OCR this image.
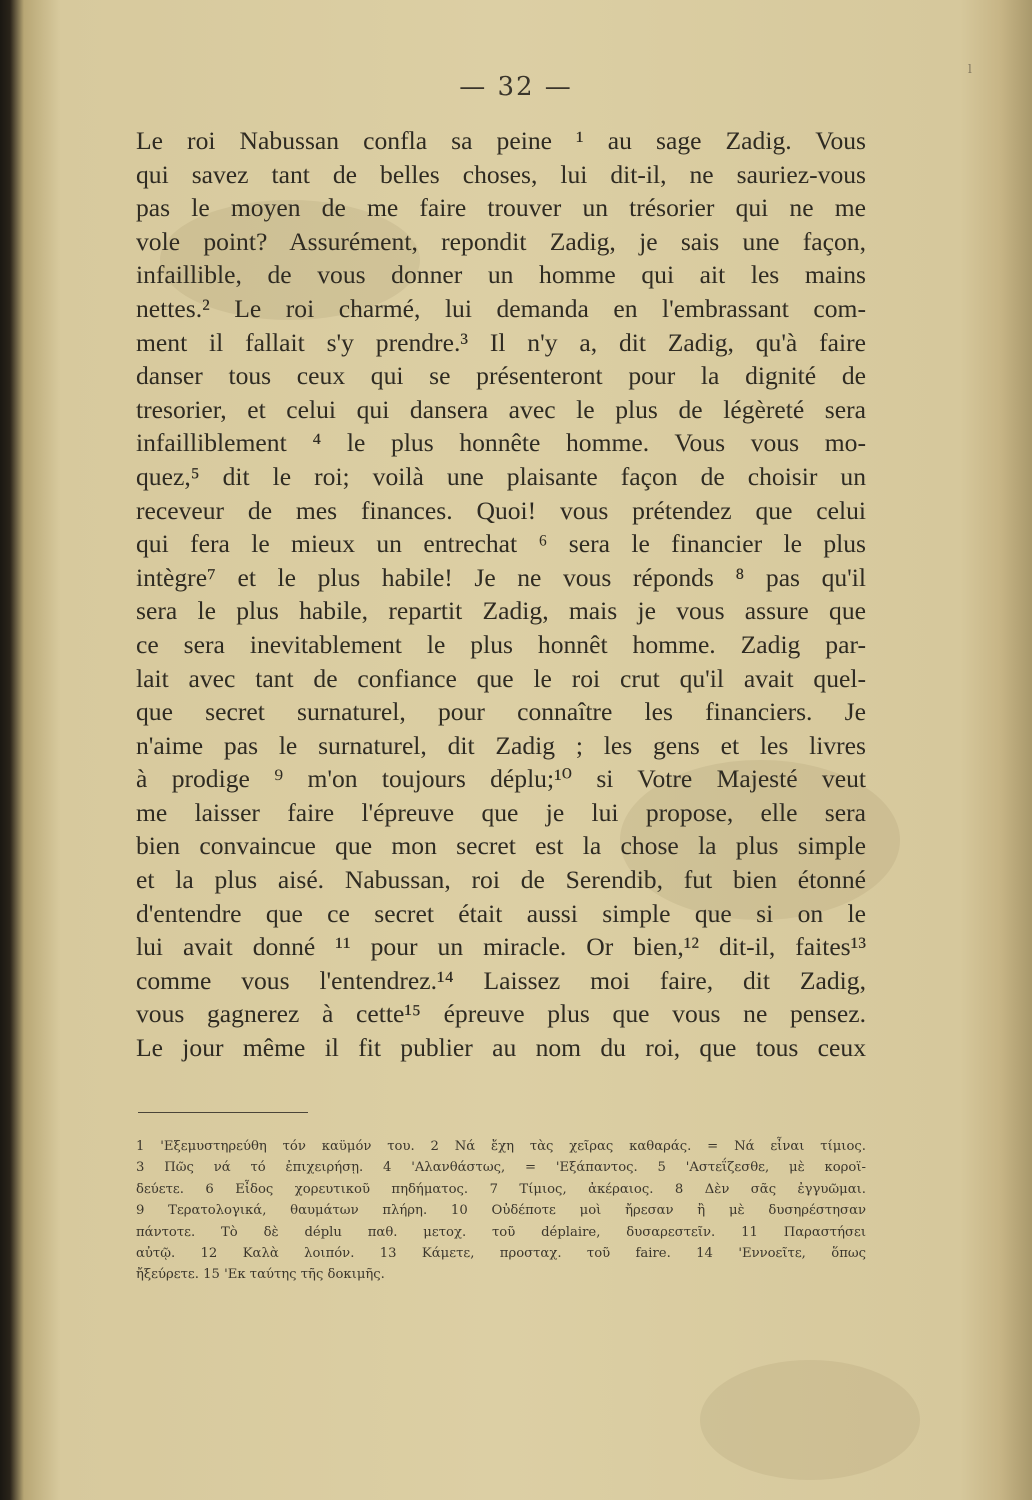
ⅼ
— 32 —
Le roi Nabussan confla sa peine ¹ au sage Zadig. Vous
qui savez tant de belles choses, lui dit-il, ne sauriez-vous
pas le moyen de me faire trouver un trésorier qui ne me
vole point? Assurément, repondit Zadig, je sais une façon,
infaillible, de vous donner un homme qui ait les mains
nettes.² Le roi charmé, lui demanda en l'embrassant com-
ment il fallait s'y prendre.³ Il n'y a, dit Zadig, qu'à faire
danser tous ceux qui se présenteront pour la dignité de
tresorier, et celui qui dansera avec le plus de légèreté sera
infailliblement ⁴ le plus honnête homme. Vous vous mo-
quez,⁵ dit le roi; voilà une plaisante façon de choisir un
receveur de mes finances. Quoi! vous prétendez que celui
qui fera le mieux un entrechat ⁶ sera le financier le plus
intègre⁷ et le plus habile! Je ne vous réponds ⁸ pas qu'il
sera le plus habile, repartit Zadig, mais je vous assure que
ce sera inevitablement le plus honnêt homme. Zadig par-
lait avec tant de confiance que le roi crut qu'il avait quel-
que secret surnaturel, pour connaître les financiers. Je
n'aime pas le surnaturel, dit Zadig ; les gens et les livres
à prodige ⁹ m'on toujours déplu;¹⁰ si Votre Majesté veut
me laisser faire l'épreuve que je lui propose, elle sera
bien convaincue que mon secret est la chose la plus simple
et la plus aisé. Nabussan, roi de Serendib, fut bien étonné
d'entendre que ce secret était aussi simple que si on le
lui avait donné ¹¹ pour un miracle. Or bien,¹² dit-il, faites¹³
comme vous l'entendrez.¹⁴ Laissez moi faire, dit Zadig,
vous gagnerez à cette¹⁵ épreuve plus que vous ne pensez.
Le jour même il fit publier au nom du roi, que tous ceux
1 'Εξεμυστηρεύθη τόν καϋμόν του. 2 Νά ἔχη τὰς χεῖρας καθαράς. = Νά εἶναι τίμιος.
3 Πῶς νά τό ἐπιχειρήσῃ. 4 'Αλανθάστως, = 'Εξάπαντος. 5 'Αστεΐζεσθε, μὲ κοροϊ-
δεύετε. 6 Εἶδος χορευτικοῦ πηδήματος. 7 Τίμιος, ἀκέραιος. 8 Δὲν σᾶς ἐγγυῶμαι.
9 Τερατολογικά, θαυμάτων πλήρη. 10 Οὐδέποτε μοὶ ἤρεσαν ἢ μὲ δυσηρέστησαν
πάντοτε. Τὸ δὲ déplu παθ. μετοχ. τοῦ déplaire, δυσαρεστεῖν. 11 Παραστήσει
αὐτῷ. 12 Καλὰ λοιπόν. 13 Κάμετε, προσταχ. τοῦ faire. 14 'Εννοεῖτε, ὅπως
ἤξεύρετε. 15 'Εκ ταύτης τῆς δοκιμῆς.
